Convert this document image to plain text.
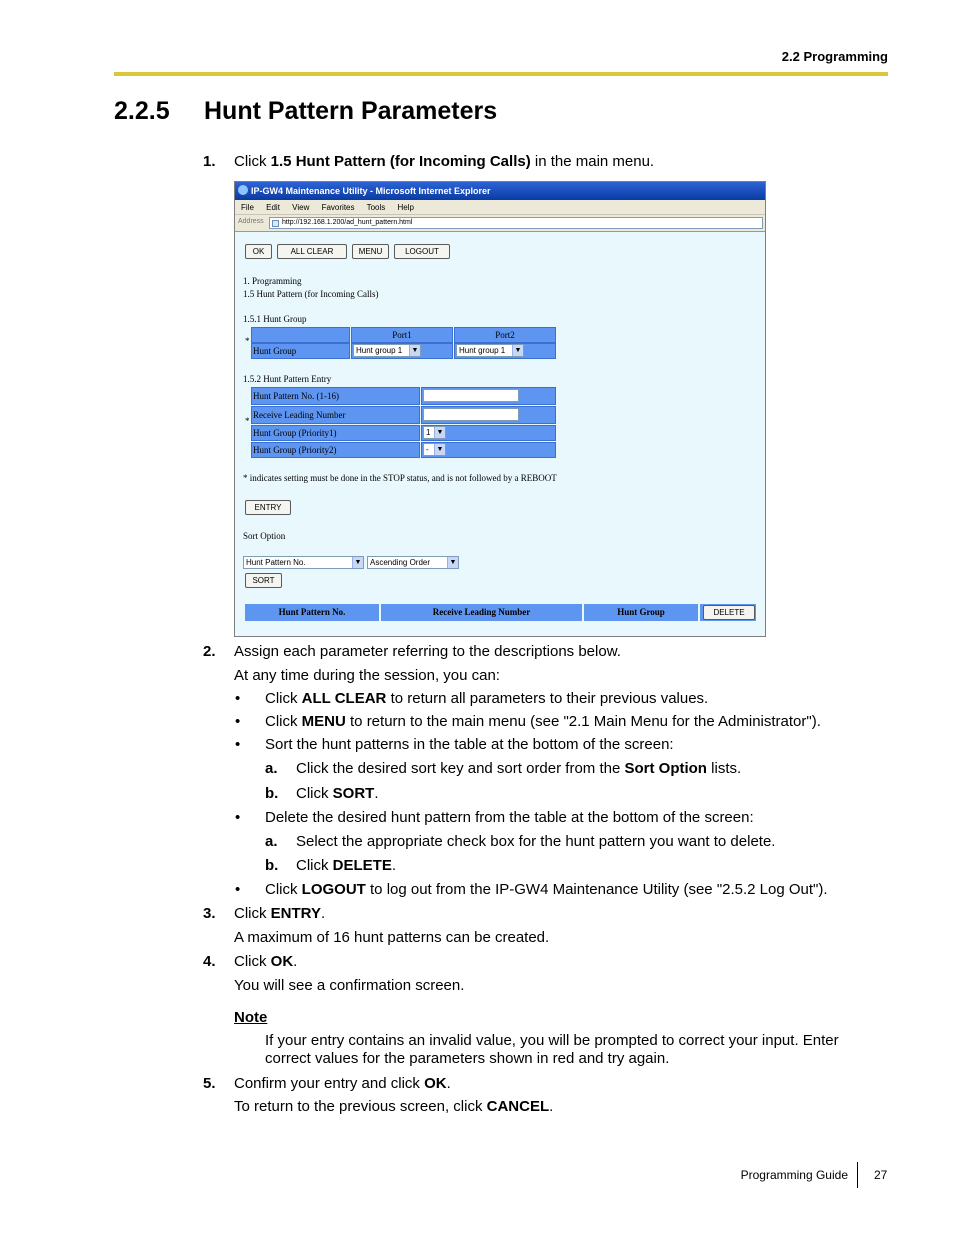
2.2 Programming
2.2.5 Hunt Pattern Parameters
1. Click 1.5 Hunt Pattern (for Incoming Calls) in the main menu.
IP-GW4 Maintenance Utility - Microsoft Internet Explorer
File Edit View Favorites Tools Help
Address	http://192.168.1.200/ad_hunt_pattern.html
OK	ALL CLEAR	MENU	LOGOUT
1. Programming
1.5 Hunt Pattern (for Incoming Calls)
1.5.1 Hunt Group
*
Port1	Port2
Hunt Group	Hunt group 1	▼	Hunt group 1	▼
1.5.2 Hunt Pattern Entry
*
Hunt Pattern No. (1-16)
Receive Leading Number
Hunt Group (Priority1)	1 ▼
Hunt Group (Priority2)	-	▼
* indicates setting must be done in the STOP status, and is not followed by a REBOOT
ENTRY
Sort Option
Hunt Pattern No.	▼	Ascending Order	▼
SORT
Hunt Pattern No.	Receive Leading Number	Hunt Group	DELETE
2. Assign each parameter referring to the descriptions below.
At any time during the session, you can:
• Click ALL CLEAR to return all parameters to their previous values.
• Click MENU to return to the main menu (see "2.1 Main Menu for the Administrator").
• Sort the hunt patterns in the table at the bottom of the screen:
a. Click the desired sort key and sort order from the Sort Option lists.
b. Click SORT.
• Delete the desired hunt pattern from the table at the bottom of the screen:
a. Select the appropriate check box for the hunt pattern you want to delete.
b. Click DELETE.
• Click LOGOUT to log out from the IP-GW4 Maintenance Utility (see "2.5.2 Log Out").
3. Click ENTRY.
A maximum of 16 hunt patterns can be created.
4. Click OK.
You will see a confirmation screen.
Note
If your entry contains an invalid value, you will be prompted to correct your input. Enter correct values for the parameters shown in red and try again.
5. Confirm your entry and click OK.
To return to the previous screen, click CANCEL.
Programming Guide 27
